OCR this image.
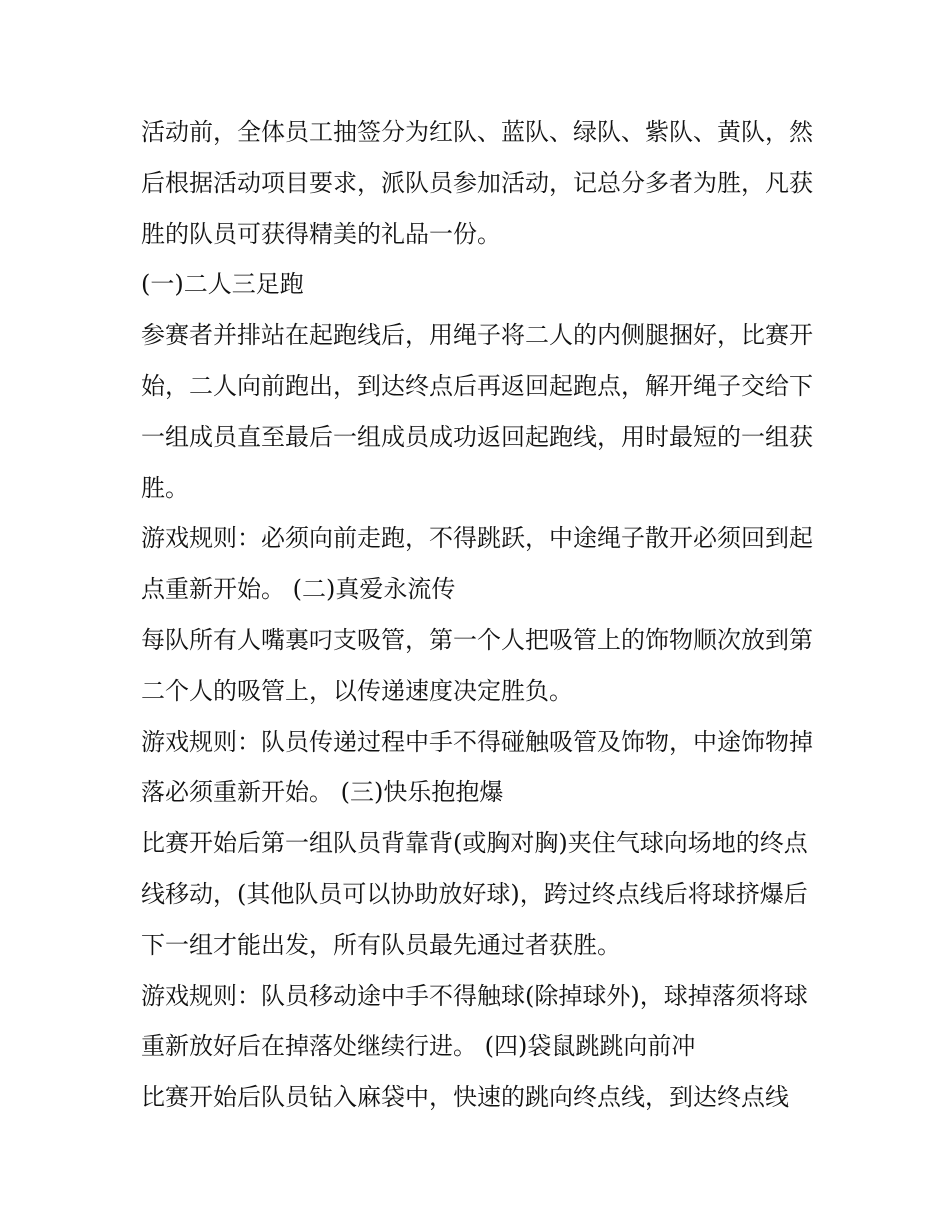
活动前，全体员工抽签分为红队、蓝队、绿队、紫队、黄队，然后根据活动项目要求，派队员参加活动，记总分多者为胜，凡获胜的队员可获得精美的礼品一份。

(一)二人三足跑

参赛者并排站在起跑线后，用绳子将二人的内侧腿捆好，比赛开始，二人向前跑出，到达终点后再返回起跑点，解开绳子交给下一组成员直至最后一组成员成功返回起跑线，用时最短的一组获胜。

游戏规则：必须向前走跑，不得跳跃，中途绳子散开必须回到起点重新开始。 (二)真爱永流传

每队所有人嘴裏叼支吸管，第一个人把吸管上的饰物顺次放到第二个人的吸管上，以传递速度决定胜负。

游戏规则：队员传递过程中手不得碰触吸管及饰物，中途饰物掉落必须重新开始。 (三)快乐抱抱爆

比赛开始后第一组队员背靠背(或胸对胸)夹住气球向场地的终点线移动，(其他队员可以协助放好球)，跨过终点线后将球挤爆后下一组才能出发，所有队员最先通过者获胜。

游戏规则：队员移动途中手不得触球(除掉球外)，球掉落须将球重新放好后在掉落处继续行进。 (四)袋鼠跳跳向前冲

比赛开始后队员钻入麻袋中，快速的跳向终点线，到达终点线
